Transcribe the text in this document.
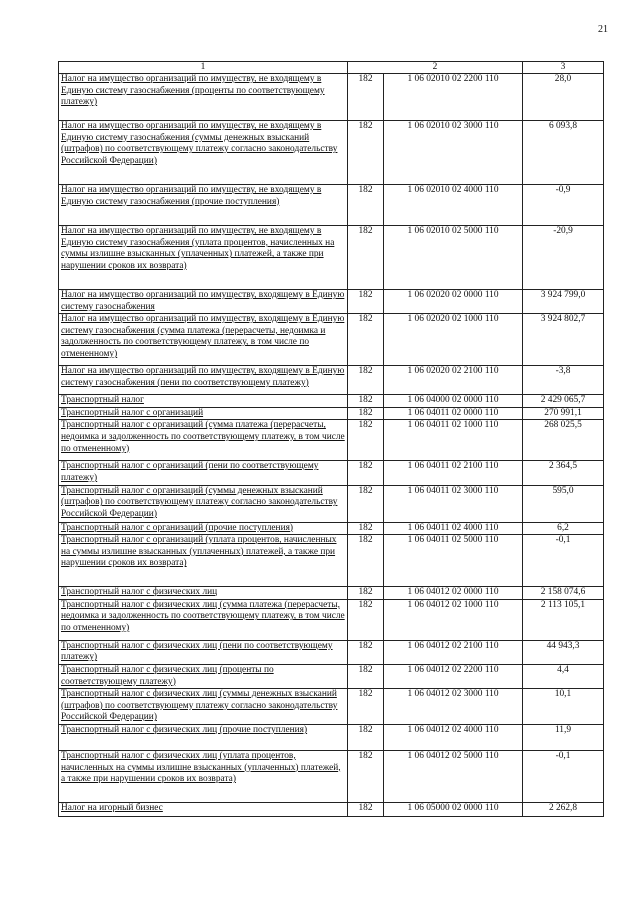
21
1	2		3
Налог на имущество организаций по имуществу, не входящему в Единую систему газоснабжения (проценты по соответствующему платежу)	182	1 06 02010 02 2200 110	28,0
Налог на имущество организаций по имуществу, не входящему в Единую систему газоснабжения (суммы денежных взысканий (штрафов) по соответствующему платежу согласно законодательству Российской Федерации)	182	1 06 02010 02 3000 110	6 093,8
Налог на имущество организаций по имуществу, не входящему в Единую систему газоснабжения (прочие поступления)	182	1 06 02010 02 4000 110	-0,9
Налог на имущество организаций по имуществу, не входящему в Единую систему газоснабжения (уплата процентов, начисленных на суммы излишне взысканных (уплаченных) платежей, а также при нарушении сроков их возврата)	182	1 06 02010 02 5000 110	-20,9
Налог на имущество организаций по имуществу, входящему в Единую систему газоснабжения	182	1 06 02020 02 0000 110	3 924 799,0
Налог на имущество организаций по имуществу, входящему в Единую систему газоснабжения (сумма платежа (перерасчеты, недоимка и задолженность по соответствующему платежу, в том числе по отмененному)	182	1 06 02020 02 1000 110	3 924 802,7
Налог на имущество организаций по имуществу, входящему в Единую систему газоснабжения (пени по соответствующему платежу)	182	1 06 02020 02 2100 110	-3,8
Транспортный налог	182	1 06 04000 02 0000 110	2 429 065,7
Транспортный налог с организаций	182	1 06 04011 02 0000 110	270 991,1
Транспортный налог с организаций (сумма платежа (перерасчеты, недоимка и задолженность по соответствующему платежу, в том числе по отмененному)	182	1 06 04011 02 1000 110	268 025,5
Транспортный налог с организаций (пени по соответствующему платежу)	182	1 06 04011 02 2100 110	2 364,5
Транспортный налог с организаций (суммы денежных взысканий (штрафов) по соответствующему платежу согласно законодательству Российской Федерации)	182	1 06 04011 02 3000 110	595,0
Транспортный налог с организаций (прочие поступления)	182	1 06 04011 02 4000 110	6,2
Транспортный налог с организаций (уплата процентов, начисленных на суммы излишне взысканных (уплаченных) платежей, а также при нарушении сроков их возврата)	182	1 06 04011 02 5000 110	-0,1
Транспортный налог с физических лиц	182	1 06 04012 02 0000 110	2 158 074,6
Транспортный налог с физических лиц (сумма платежа (перерасчеты, недоимка и задолженность по соответствующему платежу, в том числе по отмененному)	182	1 06 04012 02 1000 110	2 113 105,1
Транспортный налог с физических лиц (пени по соответствующему платежу)	182	1 06 04012 02 2100 110	44 943,3
Транспортный налог с физических лиц (проценты по соответствующему платежу)	182	1 06 04012 02 2200 110	4,4
Транспортный налог с физических лиц (суммы денежных взысканий (штрафов) по соответствующему платежу согласно законодательству Российской Федерации)	182	1 06 04012 02 3000 110	10,1
Транспортный налог с физических лиц (прочие поступления)	182	1 06 04012 02 4000 110	11,9
Транспортный налог с физических лиц (уплата процентов, начисленных на суммы излишне взысканных (уплаченных) платежей, а также при нарушении сроков их возврата)	182	1 06 04012 02 5000 110	-0,1
Налог на игорный бизнес	182	1 06 05000 02 0000 110	2 262,8
